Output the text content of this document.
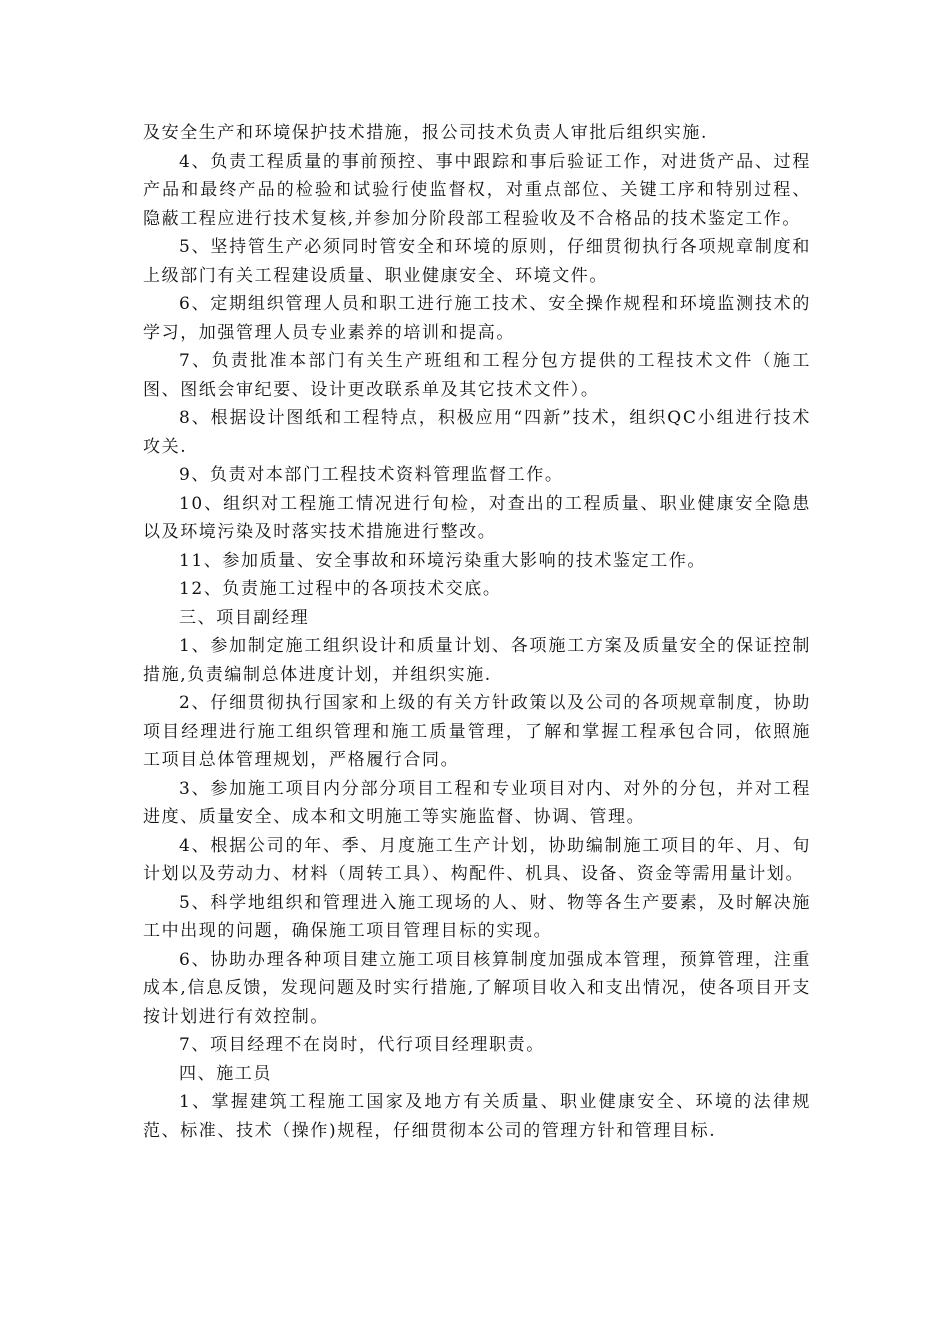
及安全生产和环境保护技术措施，报公司技术负责人审批后组织实施.

4、负责工程质量的事前预控、事中跟踪和事后验证工作，对进货产品、过程产品和最终产品的检验和试验行使监督权，对重点部位、关键工序和特别过程、隐蔽工程应进行技术复核,并参加分阶段部工程验收及不合格品的技术鉴定工作。

5、坚持管生产必须同时管安全和环境的原则，仔细贯彻执行各项规章制度和上级部门有关工程建设质量、职业健康安全、环境文件。

6、定期组织管理人员和职工进行施工技术、安全操作规程和环境监测技术的学习，加强管理人员专业素养的培训和提高。

7、负责批准本部门有关生产班组和工程分包方提供的工程技术文件（施工图、图纸会审纪要、设计更改联系单及其它技术文件）。

8、根据设计图纸和工程特点，积极应用“四新”技术，组织QC小组进行技术攻关.

9、负责对本部门工程技术资料管理监督工作。

10、组织对工程施工情况进行旬检，对查出的工程质量、职业健康安全隐患以及环境污染及时落实技术措施进行整改。

11、参加质量、安全事故和环境污染重大影响的技术鉴定工作。

12、负责施工过程中的各项技术交底。

三、项目副经理

1、参加制定施工组织设计和质量计划、各项施工方案及质量安全的保证控制措施,负责编制总体进度计划，并组织实施.

2、仔细贯彻执行国家和上级的有关方针政策以及公司的各项规章制度，协助项目经理进行施工组织管理和施工质量管理，了解和掌握工程承包合同，依照施工项目总体管理规划，严格履行合同。

3、参加施工项目内分部分项目工程和专业项目对内、对外的分包，并对工程进度、质量安全、成本和文明施工等实施监督、协调、管理。

4、根据公司的年、季、月度施工生产计划，协助编制施工项目的年、月、旬计划以及劳动力、材料（周转工具）、构配件、机具、设备、资金等需用量计划。

5、科学地组织和管理进入施工现场的人、财、物等各生产要素，及时解决施工中出现的问题，确保施工项目管理目标的实现。

6、协助办理各种项目建立施工项目核算制度加强成本管理，预算管理，注重成本,信息反馈，发现问题及时实行措施,了解项目收入和支出情况，使各项目开支按计划进行有效控制。

7、项目经理不在岗时，代行项目经理职责。

四、施工员

1、掌握建筑工程施工国家及地方有关质量、职业健康安全、环境的法律规范、标准、技术（操作)规程，仔细贯彻本公司的管理方针和管理目标.
